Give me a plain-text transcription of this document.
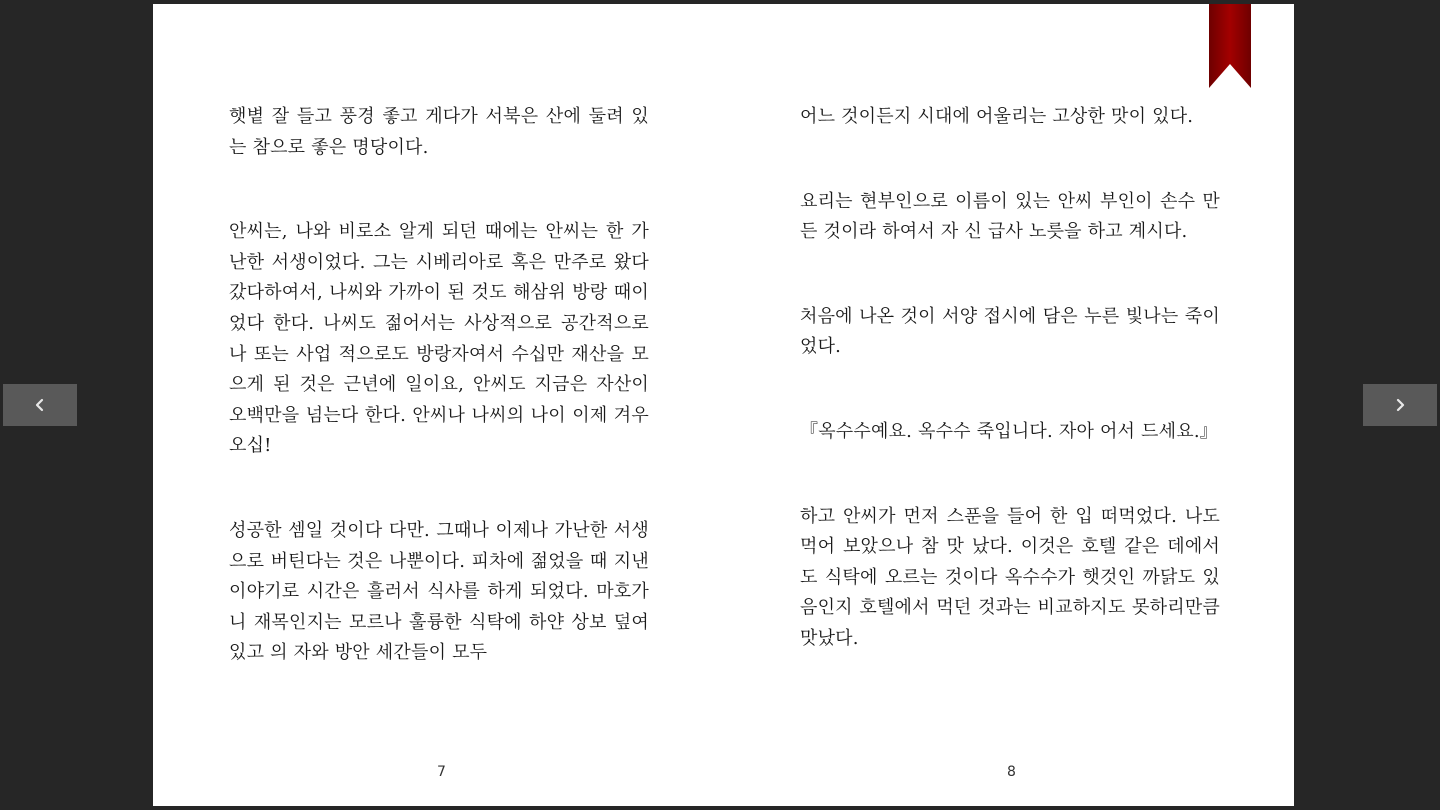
햇볕 잘 들고 풍경 좋고 게다가 서북은 산에 둘려 있는 참으로 좋은 명당이다.

안씨는, 나와 비로소 알게 되던 때에는 안씨는 한 가난한 서생이었다. 그는 시베리아로 혹은 만주로 왔다갔다하여서, 나씨와 가까이 된 것도 해삼위 방랑 때이었다 한다. 나씨도 젊어서는 사상적으로 공간적으로나 또는 사업 적으로도 방랑자여서 수십만 재산을 모으게 된 것은 근년에 일이요, 안씨도 지금은 자산이 오백만을 넘는다 한다. 안씨나 나씨의 나이 이제 겨우 오십!

성공한 셈일 것이다 다만. 그때나 이제나 가난한 서생으로 버틴다는 것은 나뿐이다. 피차에 젊었을 때 지낸 이야기로 시간은 흘러서 식사를 하게 되었다. 마호가니 재목인지는 모르나 훌륭한 식탁에 하얀 상보 덮여 있고 의 자와 방안 세간들이 모두

7

어느 것이든지 시대에 어울리는 고상한 맛이 있다.

요리는 현부인으로 이름이 있는 안씨 부인이 손수 만든 것이라 하여서 자 신 급사 노릇을 하고 계시다.

처음에 나온 것이 서양 접시에 담은 누른 빛나는 죽이었다.

『옥수수예요. 옥수수 죽입니다. 자아 어서 드세요.』

하고 안씨가 먼저 스푼을 들어 한 입 떠먹었다. 나도 먹어 보았으나 참 맛 났다. 이것은 호텔 같은 데에서도 식탁에 오르는 것이다 옥수수가 햇것인 까닭도 있음인지 호텔에서 먹던 것과는 비교하지도 못하리만큼 맛났다.

8
